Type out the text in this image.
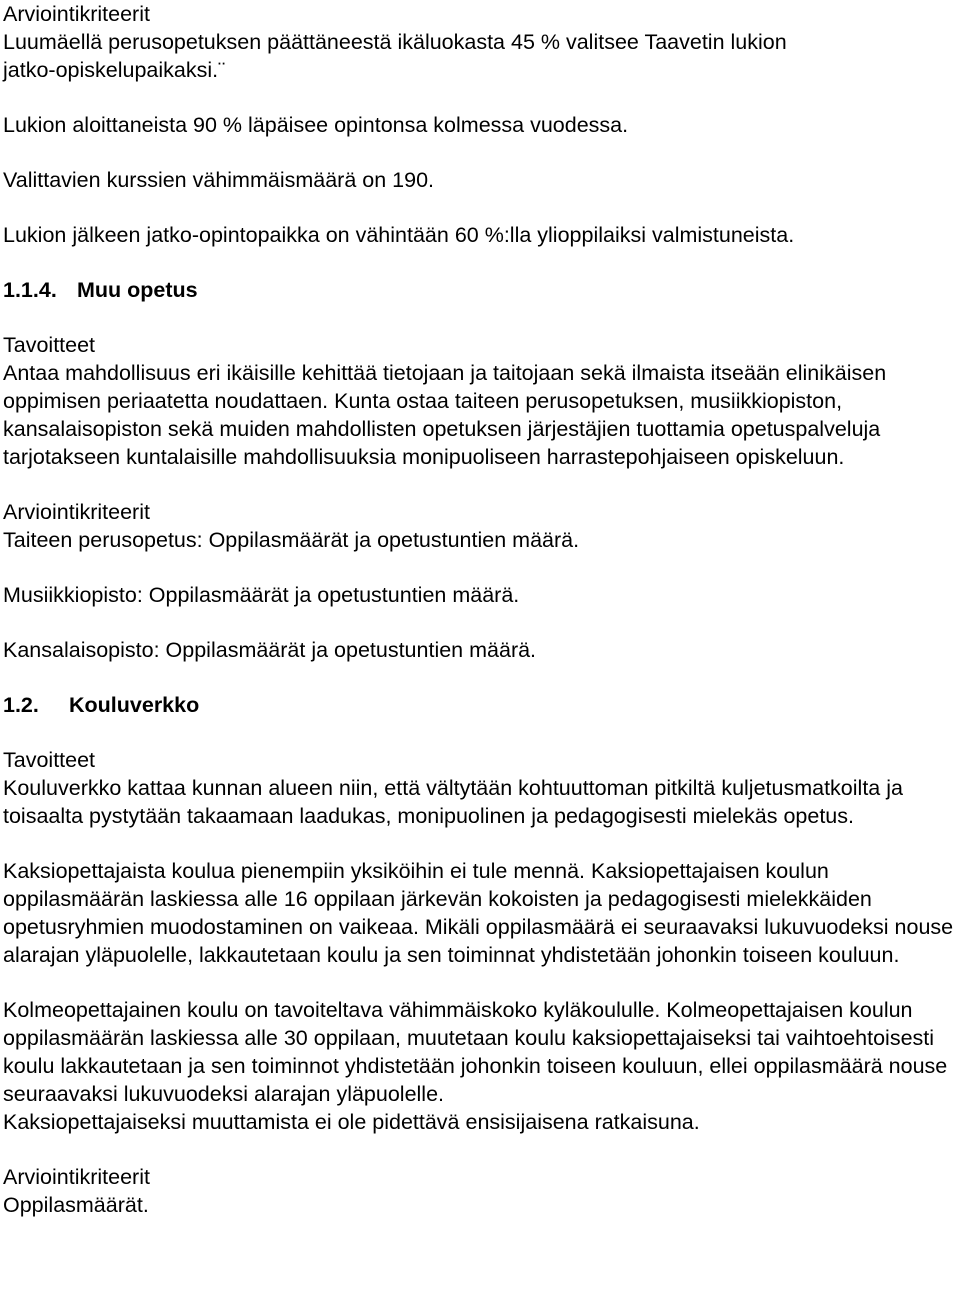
Arviointikriteerit

Luumäellä perusopetuksen päättäneestä ikäluokasta 45 % valitsee Taavetin lukion

jatko-opiskelupaikaksi.¨

Lukion aloittaneista 90 % läpäisee opintonsa kolmessa vuodessa.

Valittavien kurssien vähimmäismäärä on 190.

Lukion jälkeen jatko-opintopaikka on vähintään 60 %:lla ylioppilaiksi valmistuneista.

1.1.4. Muu opetus

Tavoitteet

Antaa mahdollisuus eri ikäisille kehittää tietojaan ja taitojaan sekä ilmaista itseään elinikäisen oppimisen periaatetta noudattaen. Kunta ostaa taiteen perusopetuksen, musiikkiopiston, kansalaisopiston sekä muiden mahdollisten opetuksen järjestäjien tuottamia opetuspalveluja tarjotakseen kuntalaisille mahdollisuuksia monipuoliseen harrastepohjaiseen opiskeluun.

Arviointikriteerit

Taiteen perusopetus: Oppilasmäärät ja opetustuntien määrä.

Musiikkiopisto: Oppilasmäärät ja opetustuntien määrä.

Kansalaisopisto: Oppilasmäärät ja opetustuntien määrä.

1.2. Kouluverkko

Tavoitteet

Kouluverkko kattaa kunnan alueen niin, että vältytään kohtuuttoman pitkiltä kuljetusmatkoilta ja toisaalta pystytään takaamaan laadukas, monipuolinen ja pedagogisesti mielekäs opetus.

Kaksiopettajaista koulua pienempiin yksiköihin ei tule mennä. Kaksiopettajaisen koulun oppilasmäärän laskiessa alle 16 oppilaan järkevän kokoisten ja pedagogisesti mielekkäiden opetusryhmien muodostaminen on vaikeaa. Mikäli oppilasmäärä ei seuraavaksi lukuvuodeksi nouse alarajan yläpuolelle, lakkautetaan koulu ja sen toiminnat yhdistetään johonkin toiseen kouluun.

Kolmeopettajainen koulu on tavoiteltava vähimmäiskoko kyläkoululle. Kolmeopettajaisen koulun oppilasmäärän laskiessa alle 30 oppilaan, muutetaan koulu kaksiopettajaiseksi tai vaihtoehtoisesti koulu lakkautetaan ja sen toiminnot yhdistetään johonkin toiseen kouluun, ellei oppilasmäärä nouse seuraavaksi lukuvuodeksi alarajan yläpuolelle.

Kaksiopettajaiseksi muuttamista ei ole pidettävä ensisijaisena ratkaisuna.

Arviointikriteerit

Oppilasmäärät.
